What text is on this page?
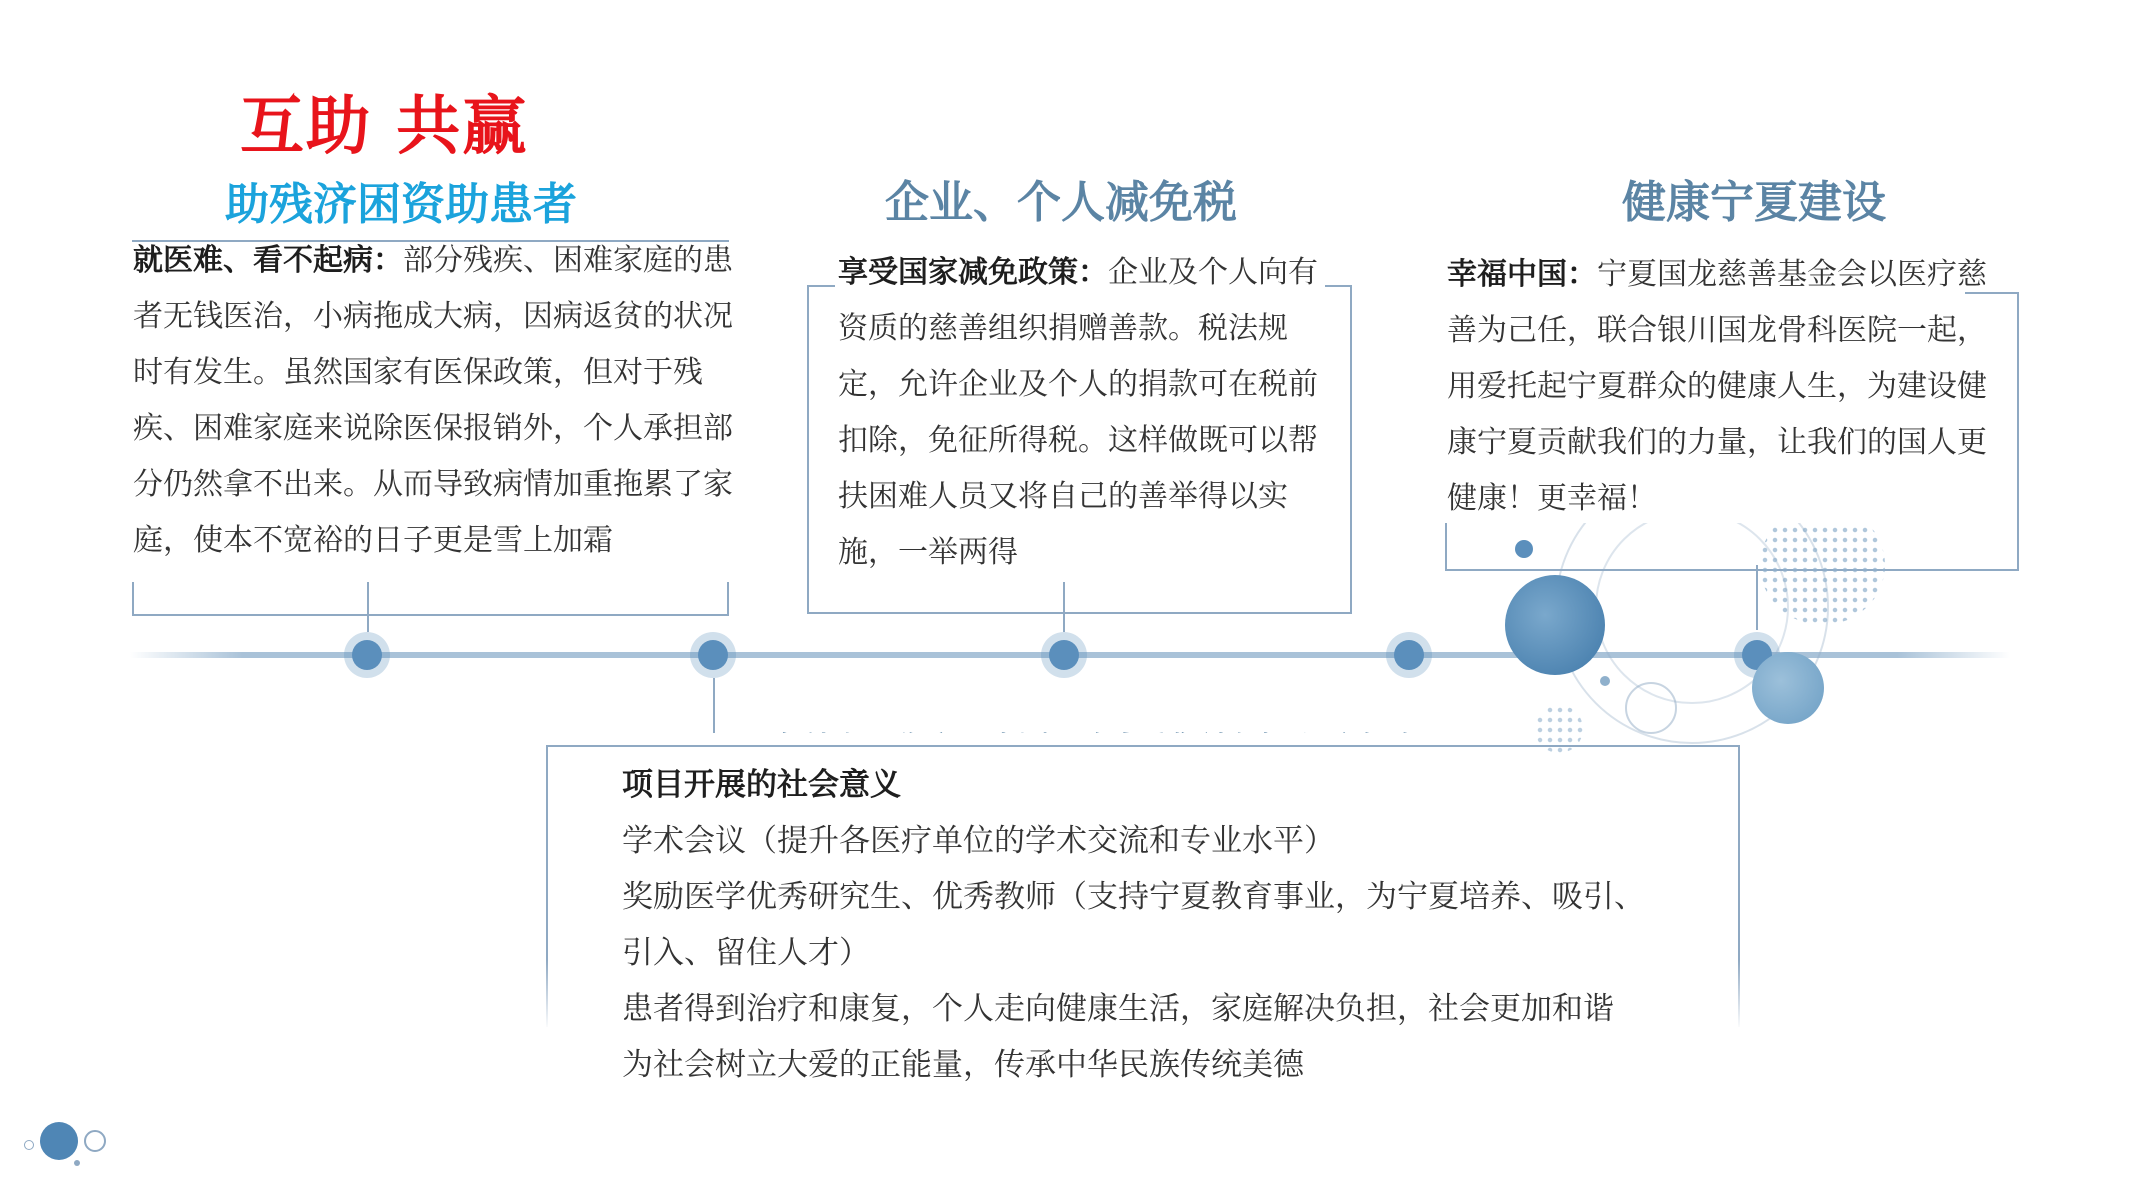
互助 共赢
助残济困资助患者	企业、个人减免税	健康宁夏建设
就医难、看不起病：部分残疾、困难家庭的患者无钱医治，小病拖成大病，因病返贫的状况时有发生。虽然国家有医保政策，但对于残疾、困难家庭来说除医保报销外，个人承担部分仍然拿不出来。从而导致病情加重拖累了家庭，使本不宽裕的日子更是雪上加霜
享受国家减免政策：企业及个人向有资质的慈善组织捐赠善款。税法规定，允许企业及个人的捐款可在税前扣除，免征所得税。这样做既可以帮扶困难人员又将自己的善举得以实施，一举两得
幸福中国：宁夏国龙慈善基金会以医疗慈善为己任，联合银川国龙骨科医院一起，用爱托起宁夏群众的健康人生，为建设健康宁夏贡献我们的力量，让我们的国人更健康！更幸福！
项目开展的社会意义
学术会议（提升各医疗单位的学术交流和专业水平）
奖励医学优秀研究生、优秀教师（支持宁夏教育事业，为宁夏培养、吸引、
引入、留住人才）
患者得到治疗和康复，个人走向健康生活，家庭解决负担，社会更加和谐
为社会树立大爱的正能量，传承中华民族传统美德
